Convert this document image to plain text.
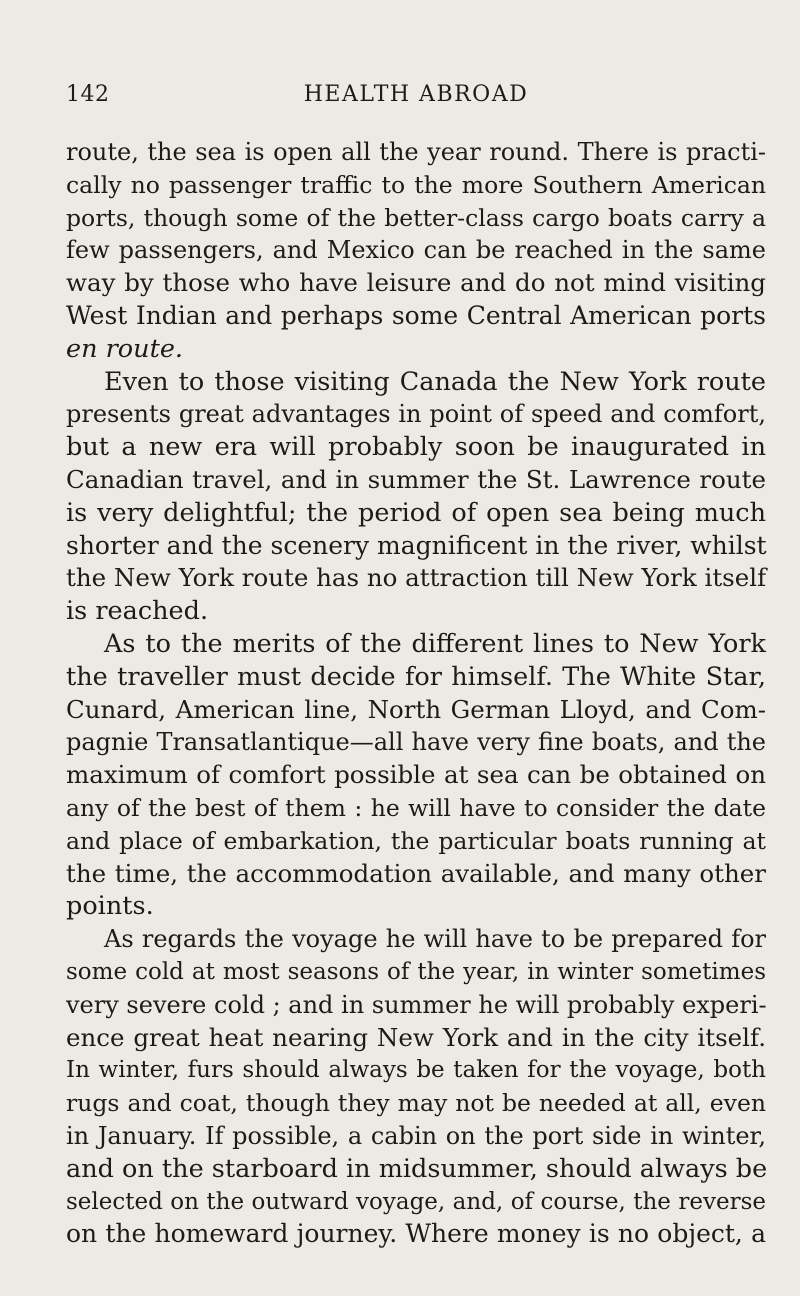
142	HEALTH ABROAD
route, the sea is open all the year round. There is practi-
cally no passenger traffic to the more Southern American
ports, though some of the better-class cargo boats carry a
few passengers, and Mexico can be reached in the same
way by those who have leisure and do not mind visiting
West Indian and perhaps some Central American ports
en route.
Even to those visiting Canada the New York route
presents great advantages in point of speed and comfort,
but a new era will probably soon be inaugurated in
Canadian travel, and in summer the St. Lawrence route
is very delightful; the period of open sea being much
shorter and the scenery magnificent in the river, whilst
the New York route has no attraction till New York itself
is reached.
As to the merits of the different lines to New York
the traveller must decide for himself. The White Star,
Cunard, American line, North German Lloyd, and Com-
pagnie Transatlantique—all have very fine boats, and the
maximum of comfort possible at sea can be obtained on
any of the best of them : he will have to consider the date
and place of embarkation, the particular boats running at
the time, the accommodation available, and many other
points.
As regards the voyage he will have to be prepared for
some cold at most seasons of the year, in winter sometimes
very severe cold ; and in summer he will probably experi-
ence great heat nearing New York and in the city itself.
In winter, furs should always be taken for the voyage, both
rugs and coat, though they may not be needed at all, even
in January. If possible, a cabin on the port side in winter,
and on the starboard in midsummer, should always be
selected on the outward voyage, and, of course, the reverse
on the homeward journey. Where money is no object, a
